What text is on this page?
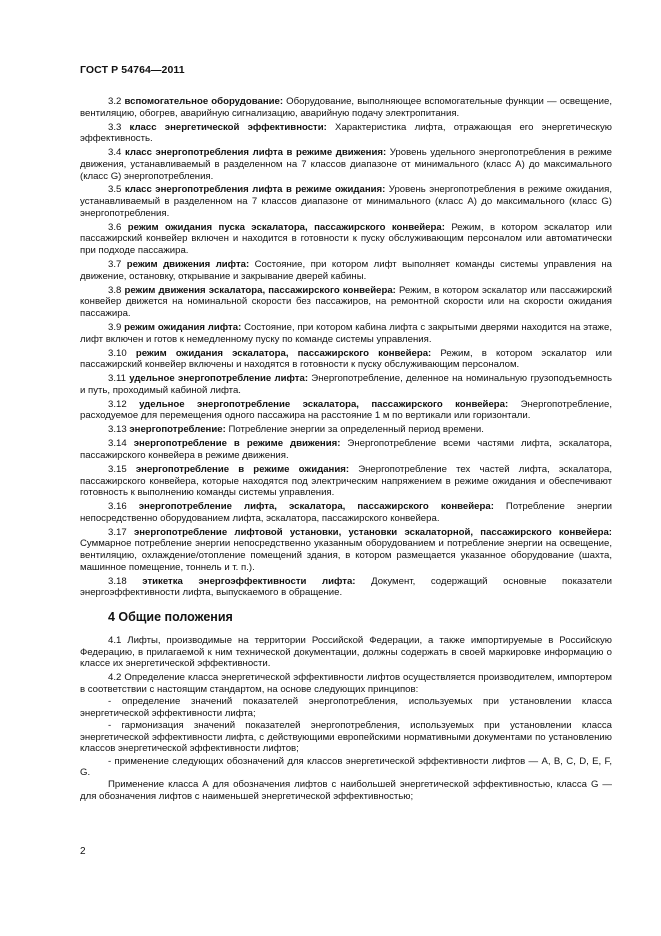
ГОСТ Р 54764—2011

3.2 вспомогательное оборудование: Оборудование, выполняющее вспомогательные функции — освещение, вентиляцию, обогрев, аварийную сигнализацию, аварийную подачу электропитания.

3.3 класс энергетической эффективности: Характеристика лифта, отражающая его энергетическую эффективность.

3.4 класс энергопотребления лифта в режиме движения: Уровень удельного энергопотребления в режиме движения, устанавливаемый в разделенном на 7 классов диапазоне от минимального (класс А) до максимального (класс G) энергопотребления.

3.5 класс энергопотребления лифта в режиме ожидания: Уровень энергопотребления в режиме ожидания, устанавливаемый в разделенном на 7 классов диапазоне от минимального (класс А) до максимального (класс G) энергопотребления.

3.6 режим ожидания пуска эскалатора, пассажирского конвейера: Режим, в котором эскалатор или пассажирский конвейер включен и находится в готовности к пуску обслуживающим персоналом или автоматически при подходе пассажира.

3.7 режим движения лифта: Состояние, при котором лифт выполняет команды системы управления на движение, остановку, открывание и закрывание дверей кабины.

3.8 режим движения эскалатора, пассажирского конвейера: Режим, в котором эскалатор или пассажирский конвейер движется на номинальной скорости без пассажиров, на ремонтной скорости или на скорости ожидания пассажира.

3.9 режим ожидания лифта: Состояние, при котором кабина лифта с закрытыми дверями находится на этаже, лифт включен и готов к немедленному пуску по команде системы управления.

3.10 режим ожидания эскалатора, пассажирского конвейера: Режим, в котором эскалатор или пассажирский конвейер включены и находятся в готовности к пуску обслуживающим персоналом.

3.11 удельное энергопотребление лифта: Энергопотребление, деленное на номинальную грузоподъемность и путь, проходимый кабиной лифта.

3.12 удельное энергопотребление эскалатора, пассажирского конвейера: Энергопотребление, расходуемое для перемещения одного пассажира на расстояние 1 м по вертикали или горизонтали.

3.13 энергопотребление: Потребление энергии за определенный период времени.

3.14 энергопотребление в режиме движения: Энергопотребление всеми частями лифта, эскалатора, пассажирского конвейера в режиме движения.

3.15 энергопотребление в режиме ожидания: Энергопотребление тех частей лифта, эскалатора, пассажирского конвейера, которые находятся под электрическим напряжением в режиме ожидания и обеспечивают готовность к выполнению команды системы управления.

3.16 энергопотребление лифта, эскалатора, пассажирского конвейера: Потребление энергии непосредственно оборудованием лифта, эскалатора, пассажирского конвейера.

3.17 энергопотребление лифтовой установки, установки эскалаторной, пассажирского конвейера: Суммарное потребление энергии непосредственно указанным оборудованием и потребление энергии на освещение, вентиляцию, охлаждение/отопление помещений здания, в котором размещается указанное оборудование (шахта, машинное помещение, тоннель и т. п.).

3.18 этикетка энергоэффективности лифта: Документ, содержащий основные показатели энергоэффективности лифта, выпускаемого в обращение.

4 Общие положения

4.1 Лифты, производимые на территории Российской Федерации, а также импортируемые в Российскую Федерацию, в прилагаемой к ним технической документации, должны содержать в своей маркировке информацию о классе их энергетической эффективности.

4.2 Определение класса энергетической эффективности лифтов осуществляется производителем, импортером в соответствии с настоящим стандартом, на основе следующих принципов:

- определение значений показателей энергопотребления, используемых при установлении класса энергетической эффективности лифта;

- гармонизация значений показателей энергопотребления, используемых при установлении класса энергетической эффективности лифта, с действующими европейскими нормативными документами по установлению классов энергетической эффективности лифтов;

- применение следующих обозначений для классов энергетической эффективности лифтов — А, В, С, D, Е, F, G.

Применение класса А для обозначения лифтов с наибольшей энергетической эффективностью, класса G — для обозначения лифтов с наименьшей энергетической эффективностью;

2
